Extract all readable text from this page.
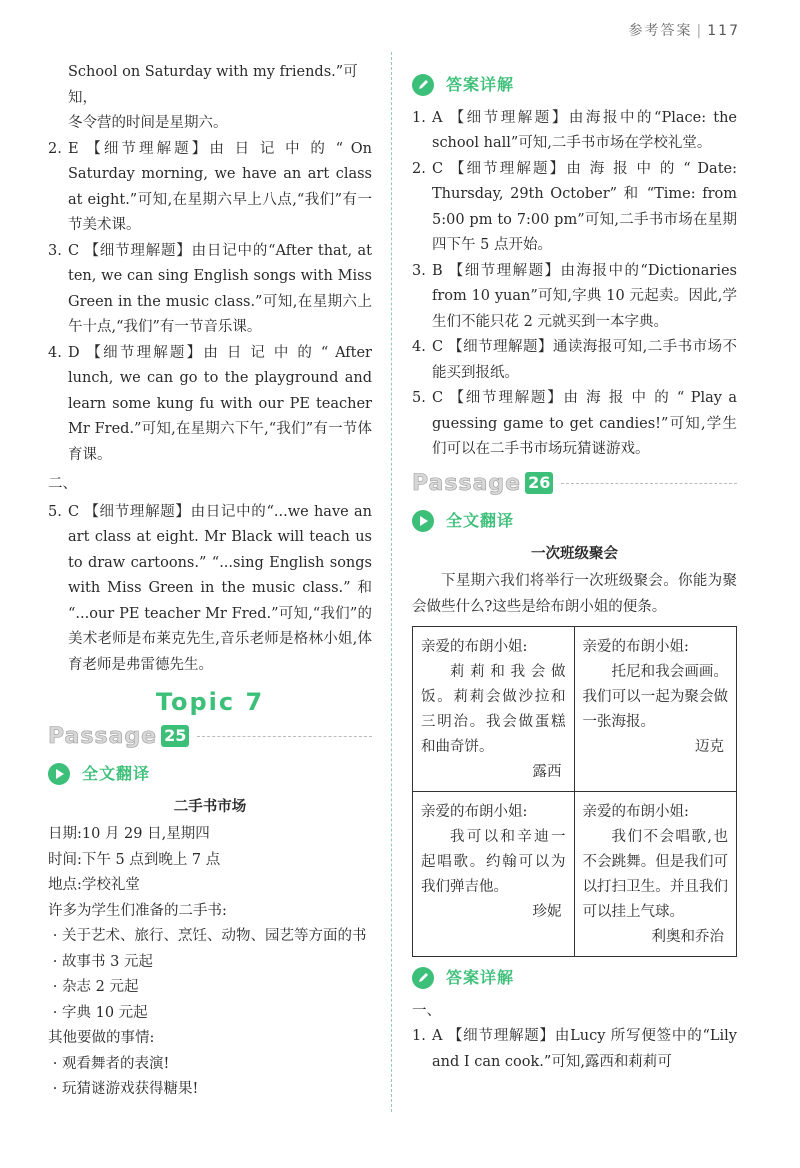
参考答案 | 117

School on Saturday with my friends.”可知，

冬令营的时间是星期六。

2. E 【细节理解题】由 日 记 中 的 “ On Saturday morning, we have an art class at eight.”可知,在星期六早上八点,“我们”有一节美术课。
3. C 【细节理解题】由日记中的“After that, at ten, we can sing English songs with Miss Green in the music class.”可知,在星期六上午十点,“我们”有一节音乐课。
4. D 【细节理解题】由 日 记 中 的 “ After lunch, we can go to the playground and learn some kung fu with our PE teacher Mr Fred.”可知,在星期六下午,“我们”有一节体育课。

二、

5. C 【细节理解题】由日记中的“...we have an art class at eight. Mr Black will teach us to draw cartoons.” “...sing English songs with Miss Green in the music class.” 和 “...our PE teacher Mr Fred.”可知,“我们”的美术老师是布莱克先生,音乐老师是格林小姐,体育老师是弗雷德先生。
Topic 7
Passage 25
全文翻译
二手书市场

日期:10 月 29 日,星期四

时间:下午 5 点到晚上 7 点

地点:学校礼堂

许多为学生们准备的二手书:

· 关于艺术、旅行、烹饪、动物、园艺等方面的书
· 故事书 3 元起
· 杂志 2 元起
· 字典 10 元起

其他要做的事情:

· 观看舞者的表演!
· 玩猜谜游戏获得糖果!
答案详解
1. A 【细节理解题】由海报中的“Place: the school hall”可知,二手书市场在学校礼堂。
2. C 【细节理解题】由 海 报 中 的 “ Date: Thursday, 29th October” 和 “Time: from 5:00 pm to 7:00 pm”可知,二手书市场在星期四下午 5 点开始。
3. B 【细节理解题】由海报中的“Dictionaries from 10 yuan”可知,字典 10 元起卖。因此,学生们不能只花 2 元就买到一本字典。
4. C 【细节理解题】通读海报可知,二手书市场不能买到报纸。
5. C 【细节理解题】由 海 报 中 的 “ Play a guessing game to get candies!”可知,学生们可以在二手书市场玩猜谜游戏。
Passage 26
全文翻译
一次班级聚会

下星期六我们将举行一次班级聚会。你能为聚会做些什么?这些是给布朗小姐的便条。

亲爱的布朗小姐:
莉莉和我会做饭。莉莉会做沙拉和三明治。我会做蛋糕和曲奇饼。
露西
亲爱的布朗小姐:
托尼和我会画画。我们可以一起为聚会做一张海报。
迈克
亲爱的布朗小姐:
我可以和辛迪一起唱歌。约翰可以为我们弹吉他。
珍妮
亲爱的布朗小姐:
我们不会唱歌,也不会跳舞。但是我们可以打扫卫生。并且我们可以挂上气球。
利奥和乔治
答案详解

一、

1. A 【细节理解题】由Lucy 所写便签中的“Lily and I can cook.”可知,露西和莉莉可
